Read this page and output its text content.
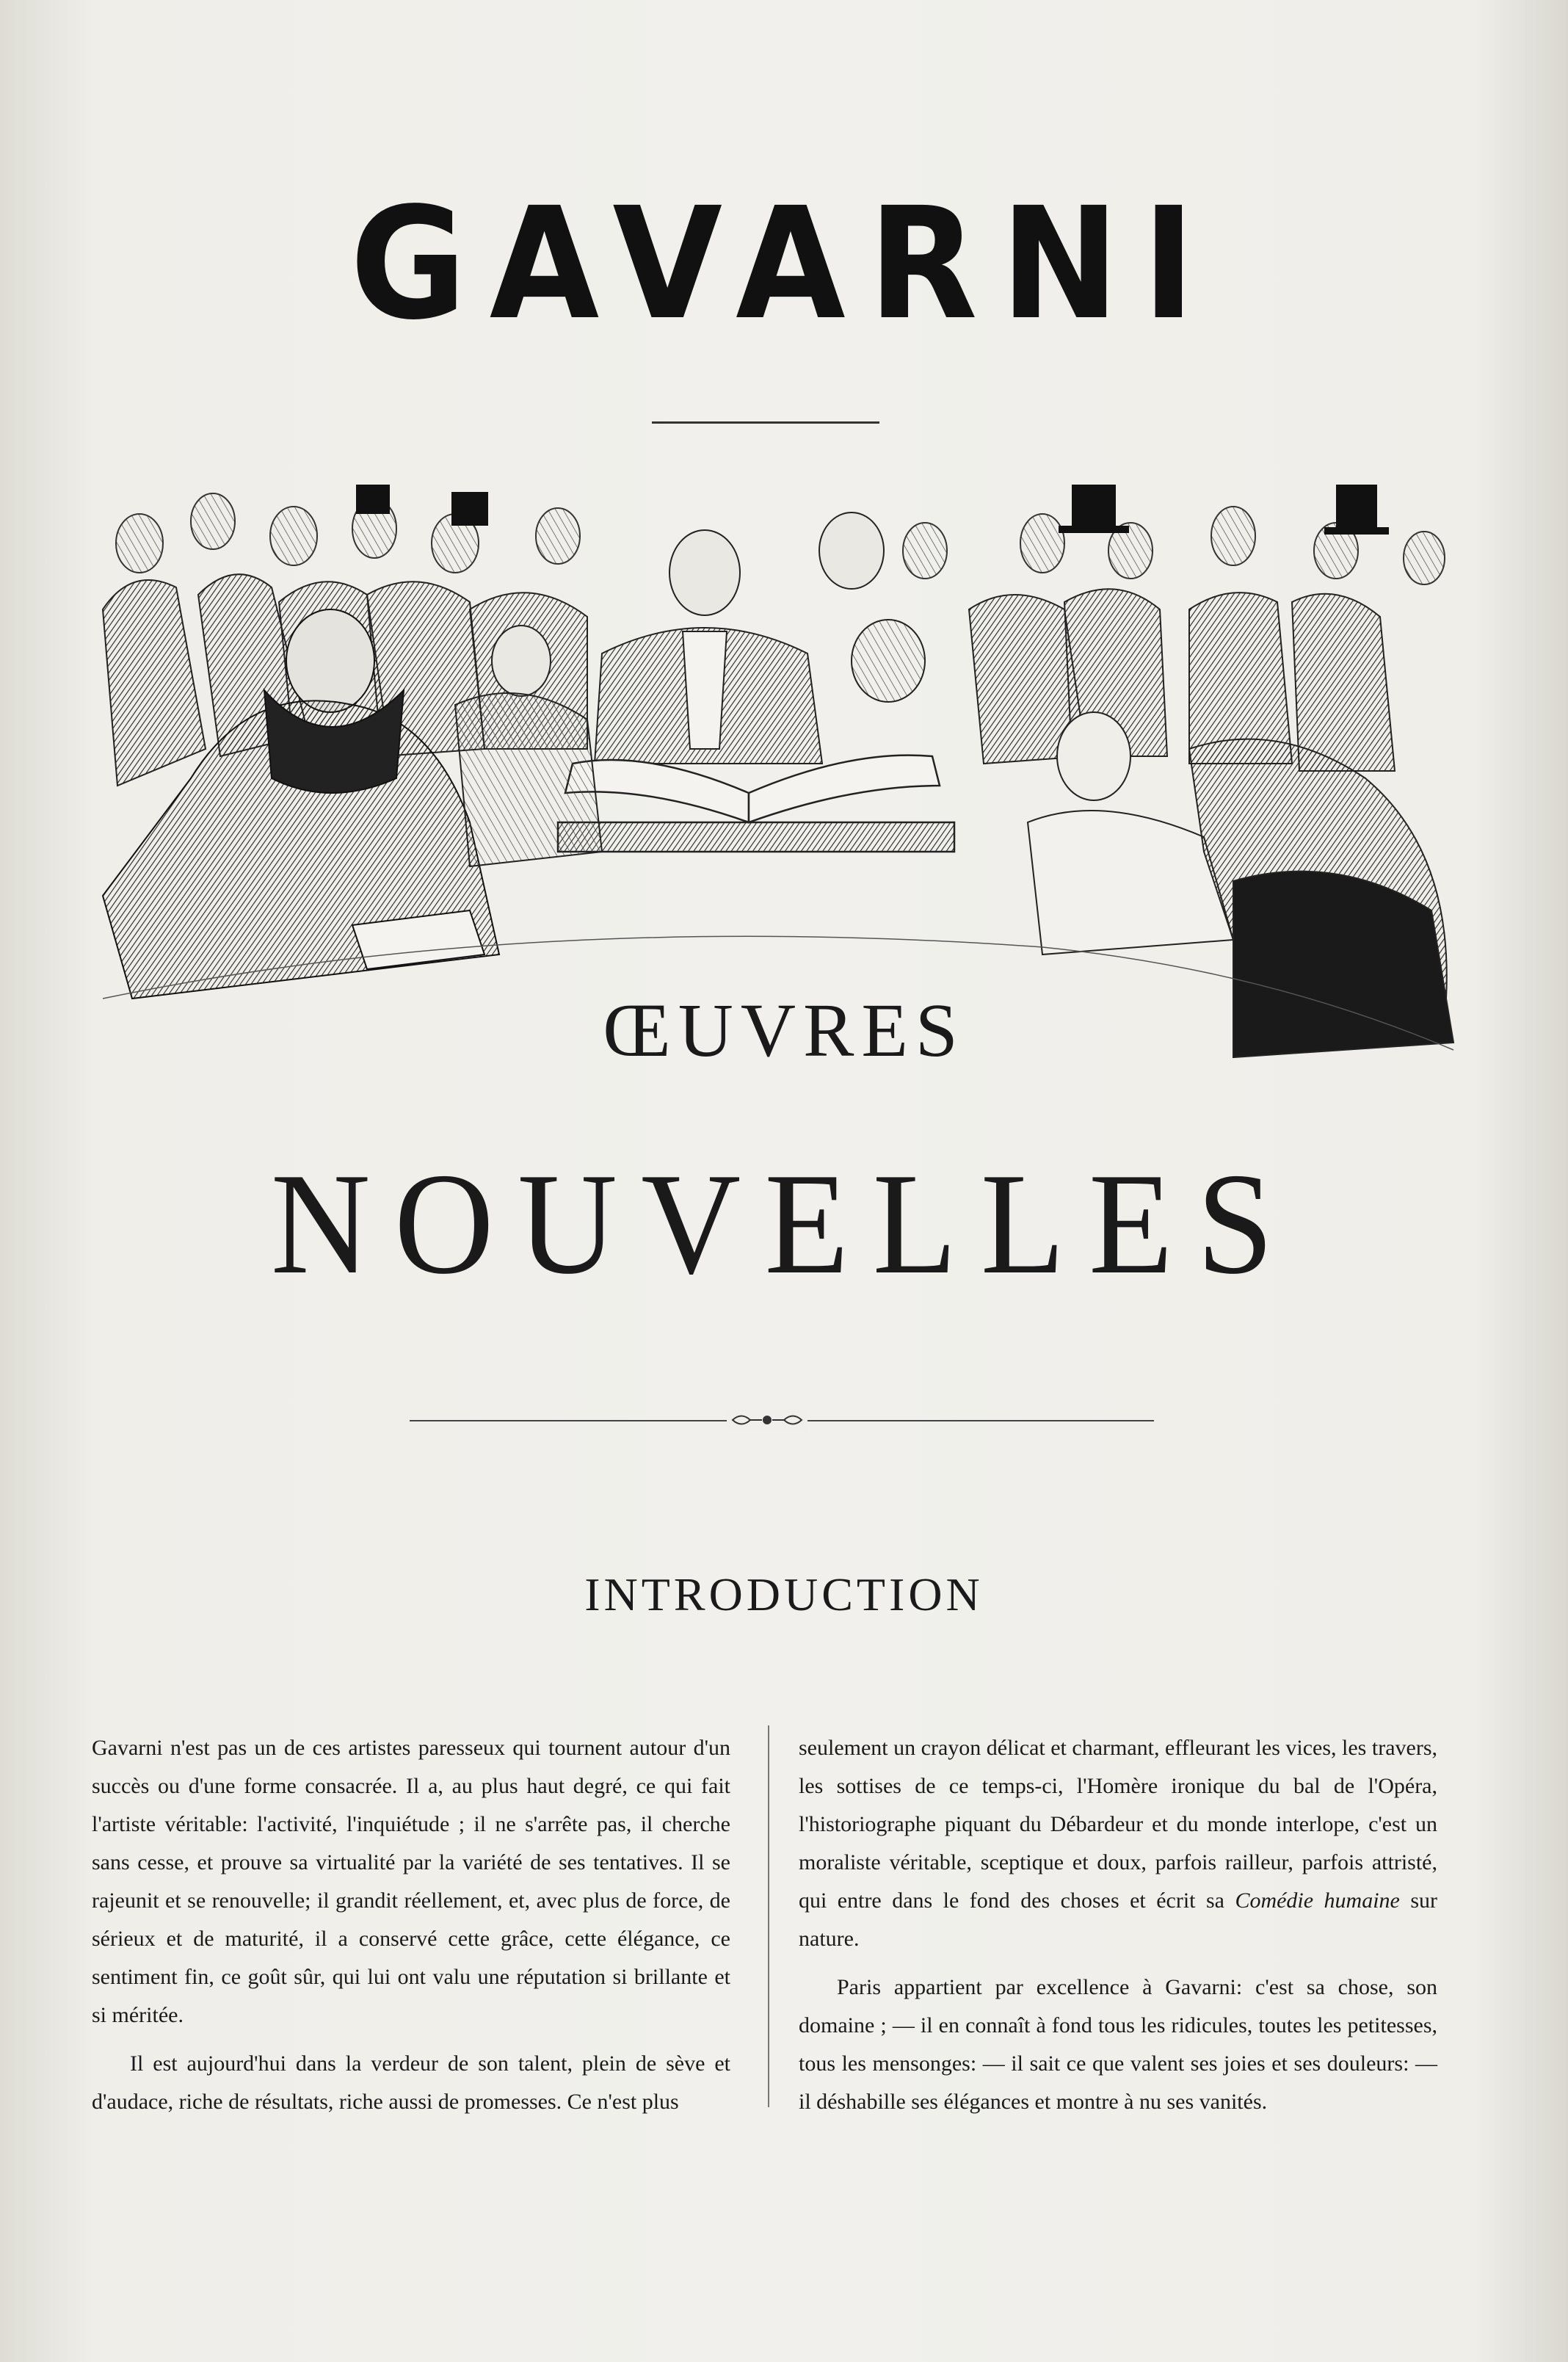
GAVARNI
ŒUVRES
NOUVELLES
INTRODUCTION

Gavarni n'est pas un de ces artistes paresseux qui tournent autour d'un succès ou d'une forme consacrée. Il a, au plus haut degré, ce qui fait l'artiste véritable: l'activité, l'inquiétude ; il ne s'arrête pas, il cherche sans cesse, et prouve sa virtualité par la variété de ses tentatives. Il se rajeunit et se renouvelle; il grandit réellement, et, avec plus de force, de sérieux et de maturité, il a conservé cette grâce, cette élégance, ce sentiment fin, ce goût sûr, qui lui ont valu une réputation si brillante et si méritée.

Il est aujourd'hui dans la verdeur de son talent, plein de sève et d'audace, riche de résultats, riche aussi de promesses. Ce n'est plus

seulement un crayon délicat et charmant, effleurant les vices, les travers, les sottises de ce temps-ci, l'Homère ironique du bal de l'Opéra, l'historiographe piquant du Débardeur et du monde interlope, c'est un moraliste véritable, sceptique et doux, parfois railleur, parfois attristé, qui entre dans le fond des choses et écrit sa Comédie humaine sur nature.

Paris appartient par excellence à Gavarni: c'est sa chose, son domaine ; — il en connaît à fond tous les ridicules, toutes les petitesses, tous les mensonges: — il sait ce que valent ses joies et ses douleurs: — il déshabille ses élégances et montre à nu ses vanités.
